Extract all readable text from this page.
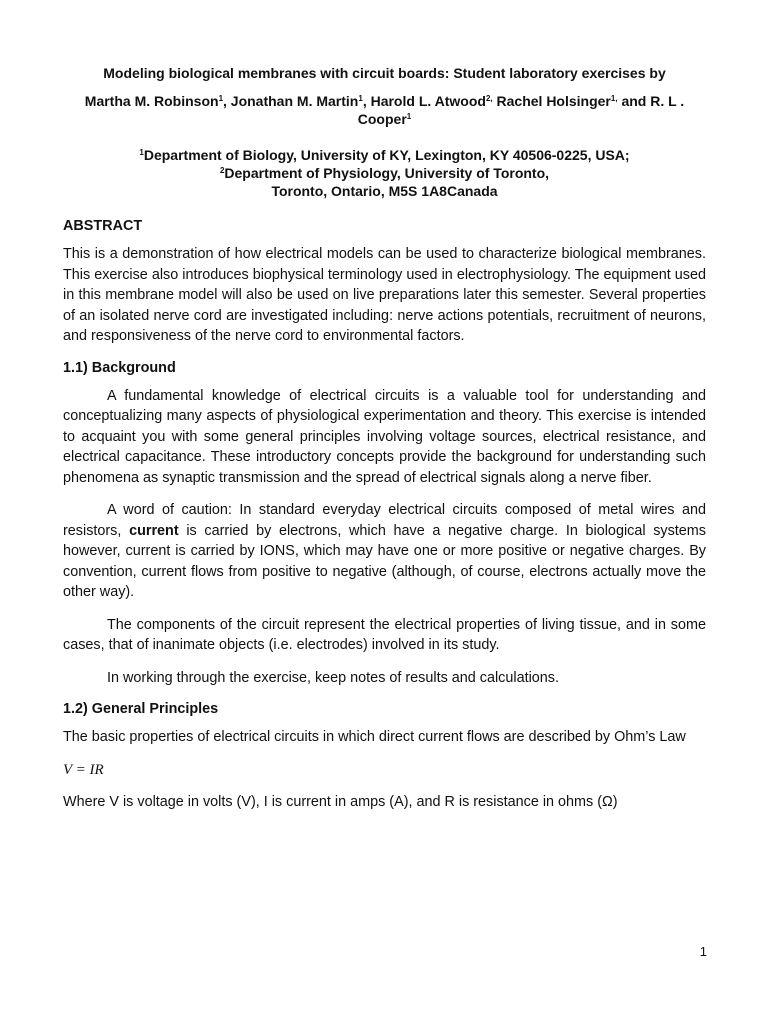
Modeling biological membranes with circuit boards: Student laboratory exercises by
Martha M. Robinson$^1$, Jonathan M. Martin$^1$, Harold L. Atwood$^{2,}$ Rachel Holsinger$^{1,}$ and R. L . Cooper$^1$
$^1$Department of Biology, University of KY, Lexington, KY 40506-0225, USA;
$^2$Department of Physiology, University of Toronto,
Toronto, Ontario, M5S 1A8Canada
ABSTRACT

This is a demonstration of how electrical models can be used to characterize biological membranes. This exercise also introduces biophysical terminology used in electrophysiology. The equipment used in this membrane model will also be used on live preparations later this semester. Several properties of an isolated nerve cord are investigated including: nerve actions potentials, recruitment of neurons, and responsiveness of the nerve cord to environmental factors.

1.1) Background

A fundamental knowledge of electrical circuits is a valuable tool for understanding and conceptualizing many aspects of physiological experimentation and theory. This exercise is intended to acquaint you with some general principles involving voltage sources, electrical resistance, and electrical capacitance. These introductory concepts provide the background for understanding such phenomena as synaptic transmission and the spread of electrical signals along a nerve fiber.

A word of caution: In standard everyday electrical circuits composed of metal wires and resistors, current is carried by electrons, which have a negative charge. In biological systems however, current is carried by IONS, which may have one or more positive or negative charges. By convention, current flows from positive to negative (although, of course, electrons actually move the other way).

The components of the circuit represent the electrical properties of living tissue, and in some cases, that of inanimate objects (i.e. electrodes) involved in its study.

In working through the exercise, keep notes of results and calculations.

1.2) General Principles

The basic properties of electrical circuits in which direct current flows are described by Ohm’s Law

V = IR

Where V is voltage in volts (V), I is current in amps (A), and R is resistance in ohms (Ω)

1
